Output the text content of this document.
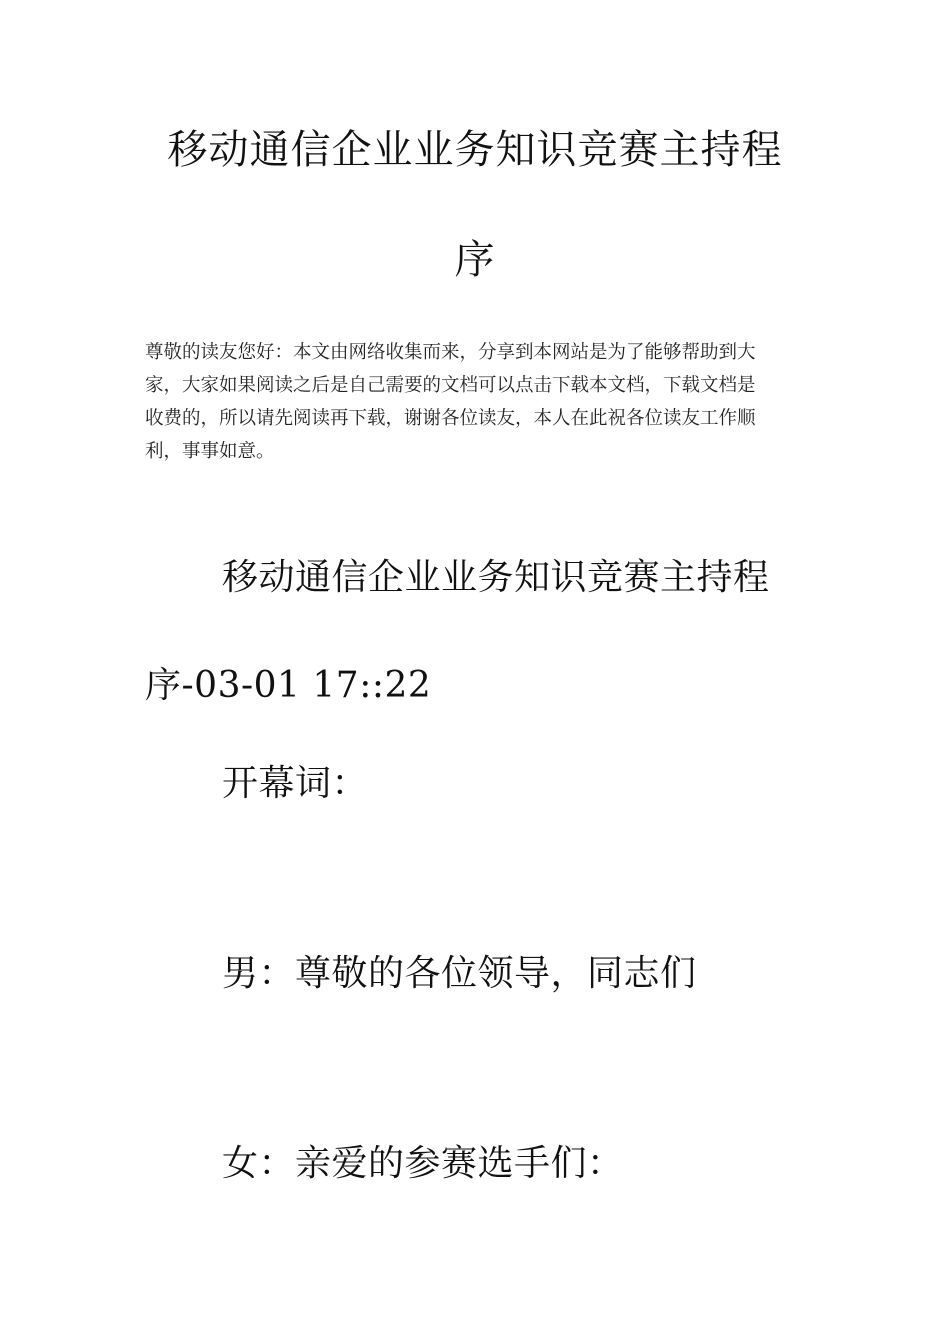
移动通信企业业务知识竞赛主持程
序
尊敬的读友您好：本文由网络收集而来，分享到本网站是为了能够帮助到大
家，大家如果阅读之后是自己需要的文档可以点击下载本文档，下载文档是
收费的，所以请先阅读再下载，谢谢各位读友，本人在此祝各位读友工作顺
利，事事如意。
移动通信企业业务知识竞赛主持程
序-03-01 17::22
开幕词：
男：尊敬的各位领导，同志们
女：亲爱的参赛选手们：
